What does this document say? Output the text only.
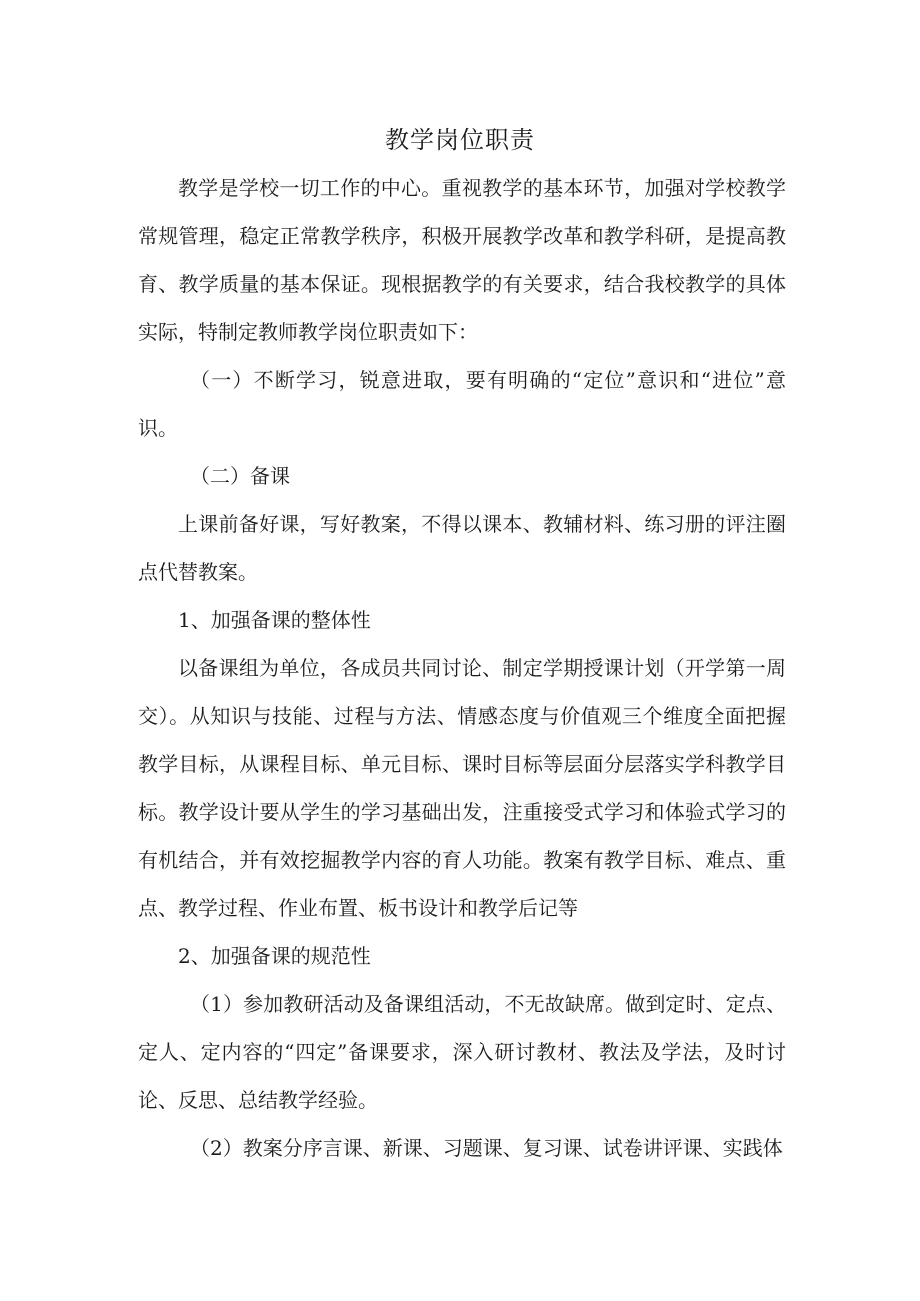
教学岗位职责

教学是学校一切工作的中心。重视教学的基本环节，加强对学校教学常规管理，稳定正常教学秩序，积极开展教学改革和教学科研，是提高教育、教学质量的基本保证。现根据教学的有关要求，结合我校教学的具体实际，特制定教师教学岗位职责如下：

（一）不断学习，锐意进取，要有明确的“定位”意识和“进位”意识。

（二）备课

上课前备好课，写好教案，不得以课本、教辅材料、练习册的评注圈点代替教案。

1、加强备课的整体性

以备课组为单位，各成员共同讨论、制定学期授课计划（开学第一周交）。从知识与技能、过程与方法、情感态度与价值观三个维度全面把握教学目标，从课程目标、单元目标、课时目标等层面分层落实学科教学目标。教学设计要从学生的学习基础出发，注重接受式学习和体验式学习的有机结合，并有效挖掘教学内容的育人功能。教案有教学目标、难点、重点、教学过程、作业布置、板书设计和教学后记等

2、加强备课的规范性

（1）参加教研活动及备课组活动，不无故缺席。做到定时、定点、定人、定内容的“四定”备课要求，深入研讨教材、教法及学法，及时讨论、反思、总结教学经验。

（2）教案分序言课、新课、习题课、复习课、试卷讲评课、实践体
